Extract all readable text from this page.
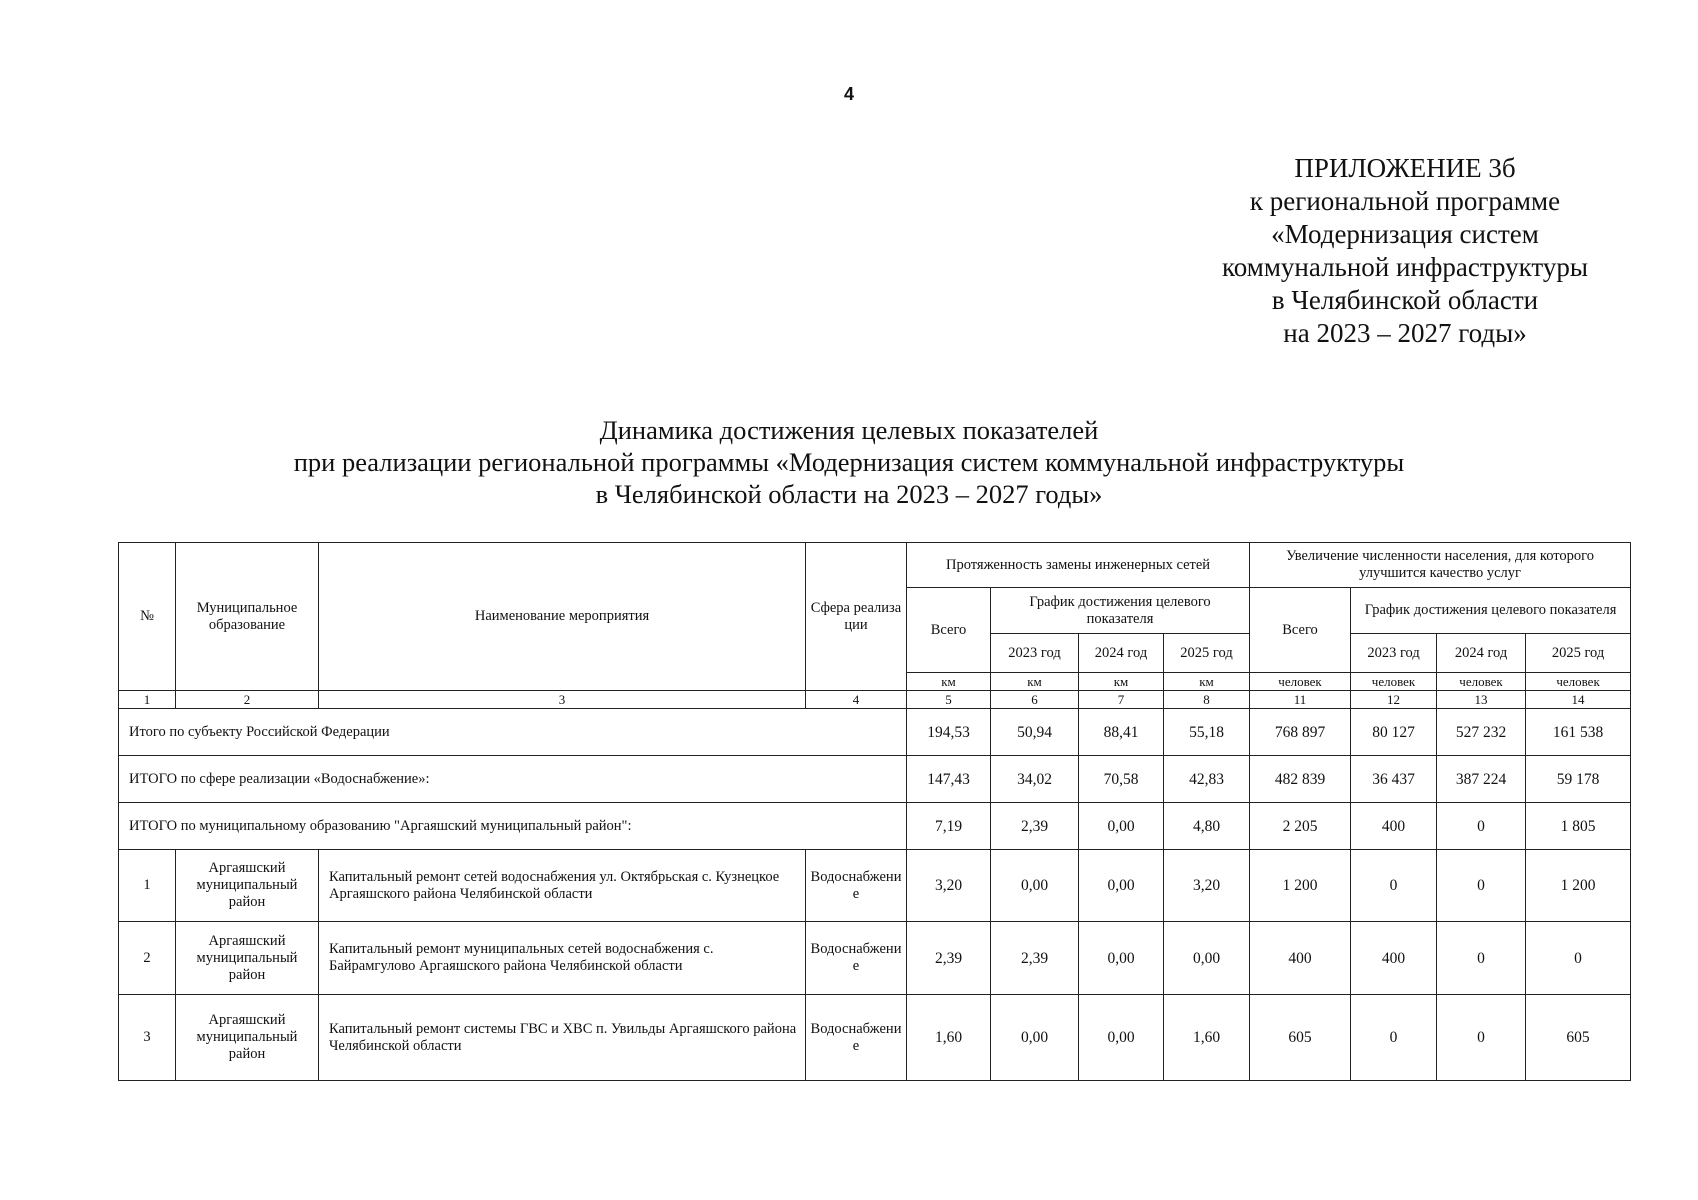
4
ПРИЛОЖЕНИЕ 3б
к региональной программе
«Модернизация систем
коммунальной инфраструктуры
в Челябинской области
на 2023 – 2027 годы»
Динамика достижения целевых показателей
при реализации региональной программы «Модернизация систем коммунальной инфраструктуры
в Челябинской области на 2023 – 2027 годы»
№	Муниципальное образование	Наименование мероприятия	Сфера реализации	Протяженность замены инженерных сетей				Увеличение численности населения, для которого улучшится качество услуг			
				Всего	График достижения целевого показателя			Всего	График достижения целевого показателя		
					2023 год	2024 год	2025 год		2023 год	2024 год	2025 год
				км	км	км	км	человек	человек	человек	человек
1	2	3	4	5	6	7	8	11	12	13	14
Итого по субъекту Российской Федерации				194,53	50,94	88,41	55,18	768 897	80 127	527 232	161 538
ИТОГО по сфере реализации «Водоснабжение»:				147,43	34,02	70,58	42,83	482 839	36 437	387 224	59 178
ИТОГО по муниципальному образованию "Аргаяшский муниципальный район":				7,19	2,39	0,00	4,80	2 205	400	0	1 805
1	Аргаяшский муниципальный район	Капитальный ремонт сетей водоснабжения ул. Октябрьская с. Кузнецкое Аргаяшского района Челябинской области	Водоснабжение	3,20	0,00	0,00	3,20	1 200	0	0	1 200
2	Аргаяшский муниципальный район	Капитальный ремонт муниципальных сетей водоснабжения с. Байрамгулово Аргаяшского района Челябинской области	Водоснабжение	2,39	2,39	0,00	0,00	400	400	0	0
3	Аргаяшский муниципальный район	Капитальный ремонт системы ГВС и ХВС п. Увильды Аргаяшского района Челябинской области	Водоснабжение	1,60	0,00	0,00	1,60	605	0	0	605
